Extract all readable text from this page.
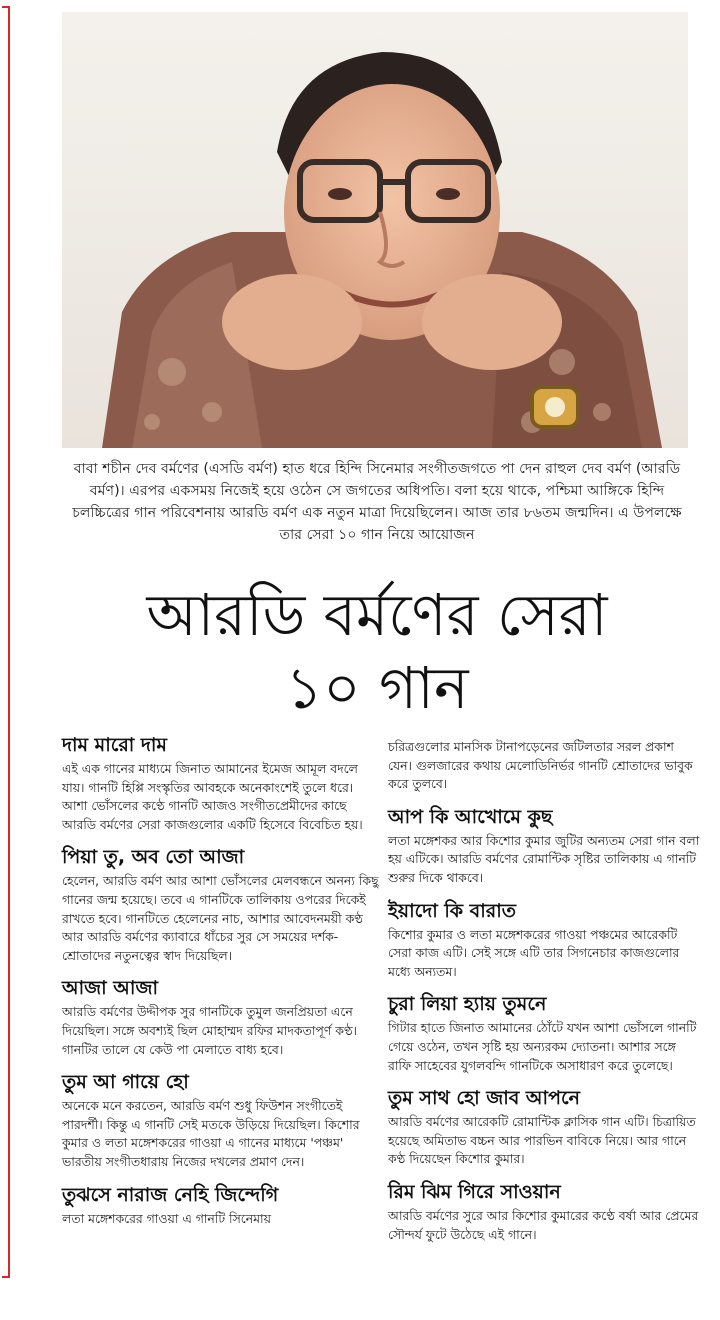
বাবা শচীন দেব বর্মণের (এসডি বর্মণ) হাত ধরে হিন্দি সিনেমার সংগীতজগতে পা দেন রাহুল দেব বর্মণ (আরডি বর্মণ)। এরপর একসময় নিজেই হয়ে ওঠেন সে জগতের অধিপতি। বলা হয়ে থাকে, পশ্চিমা আঙ্গিকে হিন্দি চলচ্চিত্রের গান পরিবেশনায় আরডি বর্মণ এক নতুন মাত্রা দিয়েছিলেন। আজ তার ৮৬তম জন্মদিন। এ উপলক্ষে তার সেরা ১০ গান নিয়ে আয়োজন
আরডি বর্মণের সেরা
১০ গান
দাম মারো দাম

এই এক গানের মাধ্যমে জিনাত আমানের ইমেজ আমূল বদলে যায়। গানটি হিপ্পি সংস্কৃতির আবহকে অনেকাংশেই তুলে ধরে। আশা ভোঁসলের কণ্ঠে গানটি আজও সংগীতপ্রেমীদের কাছে আরডি বর্মণের সেরা কাজগুলোর একটি হিসেবে বিবেচিত হয়।

পিয়া তু, অব তো আজা

হেলেন, আরডি বর্মণ আর আশা ভোঁসলের মেলবন্ধনে অনন্য কিছু গানের জন্ম হয়েছে। তবে এ গানটিকে তালিকায় ওপরের দিকেই রাখতে হবে। গানটিতে হেলেনের নাচ, আশার আবেদনময়ী কণ্ঠ আর আরডি বর্মণের ক্যাবারে ধাঁচের সুর সে সময়ের দর্শক-শ্রোতাদের নতুনত্বের স্বাদ দিয়েছিল।

আজা আজা

আরডি বর্মণের উদ্দীপক সুর গানটিকে তুমুল জনপ্রিয়তা এনে দিয়েছিল। সঙ্গে অবশ্যই ছিল মোহাম্মদ রফির মাদকতাপূর্ণ কণ্ঠ। গানটির তালে যে কেউ পা মেলাতে বাধ্য হবে।

তুম আ গায়ে হো

অনেকে মনে করতেন, আরডি বর্মণ শুধু ফিউশন সংগীতেই পারদর্শী। কিন্তু এ গানটি সেই মতকে উড়িয়ে দিয়েছিল। কিশোর কুমার ও লতা মঙ্গেশকরের গাওয়া এ গানের মাধ্যমে 'পঞ্চম' ভারতীয় সংগীতধারায় নিজের দখলের প্রমাণ দেন।

তুঝসে নারাজ নেহি জিন্দেগি

লতা মঙ্গেশকরের গাওয়া এ গানটি সিনেমায়

চরিত্রগুলোর মানসিক টানাপড়েনের জটিলতার সরল প্রকাশ যেন। গুলজারের কথায় মেলোডিনির্ভর গানটি শ্রোতাদের ভাবুক করে তুলবে।

আপ কি আখোমে কুছ

লতা মঙ্গেশকর আর কিশোর কুমার জুটির অন্যতম সেরা গান বলা হয় এটিকে। আরডি বর্মণের রোমান্টিক সৃষ্টির তালিকায় এ গানটি শুরুর দিকে থাকবে।

ইয়াদো কি বারাত

কিশোর কুমার ও লতা মঙ্গেশকরের গাওয়া পঞ্চমের আরেকটি সেরা কাজ এটি। সেই সঙ্গে এটি তার সিগনেচার কাজগুলোর মধ্যে অন্যতম।

চুরা লিয়া হ্যায় তুমনে

গিটার হাতে জিনাত আমানের ঠোঁটে যখন আশা ভোঁসলে গানটি গেয়ে ওঠেন, তখন সৃষ্টি হয় অন্যরকম দ্যোতনা। আশার সঙ্গে রাফি সাহেবের যুগলবন্দি গানটিকে অসাধারণ করে তুলেছে।

তুম সাথ হো জাব আপনে

আরডি বর্মণের আরেকটি রোমান্টিক ক্লাসিক গান এটি। চিত্রায়িত হয়েছে অমিতাভ বচ্চন আর পারভিন বাবিকে নিয়ে। আর গানে কণ্ঠ দিয়েছেন কিশোর কুমার।

রিম ঝিম গিরে সাওয়ান

আরডি বর্মণের সুরে আর কিশোর কুমারের কণ্ঠে বর্ষা আর প্রেমের সৌন্দর্য ফুটে উঠেছে এই গানে।
